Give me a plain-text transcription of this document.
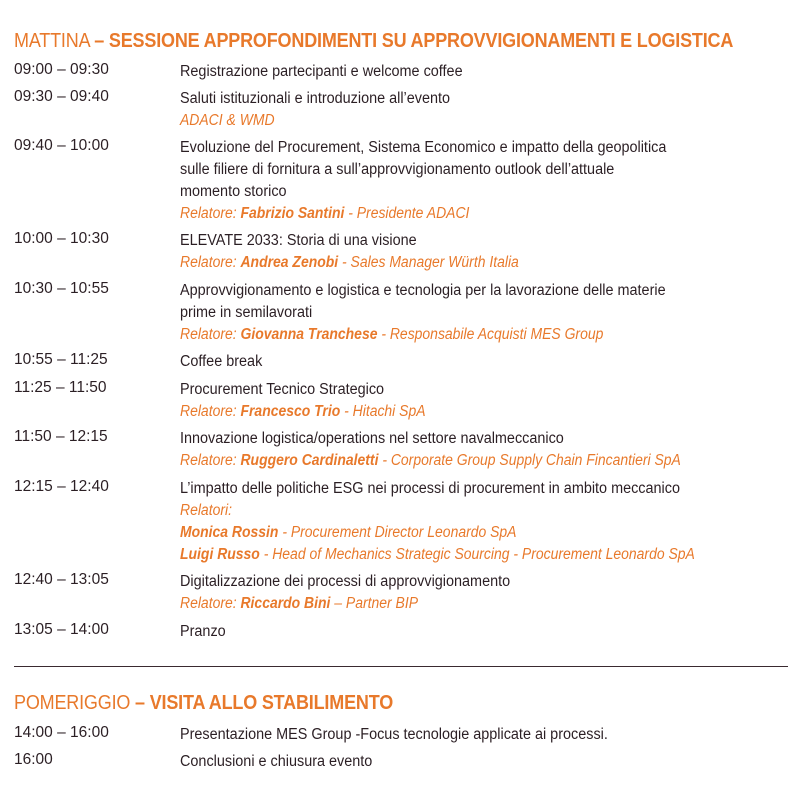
MATTINA – SESSIONE APPROFONDIMENTI SU APPROVVIGIONAMENTI E LOGISTICA
09:00 – 09:30	Registrazione partecipanti e welcome coffee
09:30 – 09:40	Saluti istituzionali e introduzione all’evento
ADACI & WMD
09:40 – 10:00	Evoluzione del Procurement, Sistema Economico e impatto della geopolitica
sulle filiere di fornitura a sull’approvvigionamento outlook dell’attuale
momento storico
Relatore: Fabrizio Santini - Presidente ADACI
10:00 – 10:30	ELEVATE 2033: Storia di una visione
Relatore: Andrea Zenobi - Sales Manager Würth Italia
10:30 – 10:55	Approvvigionamento e logistica e tecnologia per la lavorazione delle materie
prime in semilavorati
Relatore: Giovanna Tranchese - Responsabile Acquisti MES Group
10:55 – 11:25	Coffee break
11:25 – 11:50	Procurement Tecnico Strategico
Relatore: Francesco Trio - Hitachi SpA
11:50 – 12:15	Innovazione logistica/operations nel settore navalmeccanico
Relatore: Ruggero Cardinaletti - Corporate Group Supply Chain Fincantieri SpA
12:15 – 12:40	L’impatto delle politiche ESG nei processi di procurement in ambito meccanico
Relatori:
Monica Rossin - Procurement Director Leonardo SpA
Luigi Russo - Head of Mechanics Strategic Sourcing - Procurement Leonardo SpA
12:40 – 13:05	Digitalizzazione dei processi di approvvigionamento
Relatore: Riccardo Bini – Partner BIP
13:05 – 14:00	Pranzo
POMERIGGIO – VISITA ALLO STABILIMENTO
14:00 – 16:00	Presentazione MES Group -Focus tecnologie applicate ai processi.
16:00	Conclusioni e chiusura evento
